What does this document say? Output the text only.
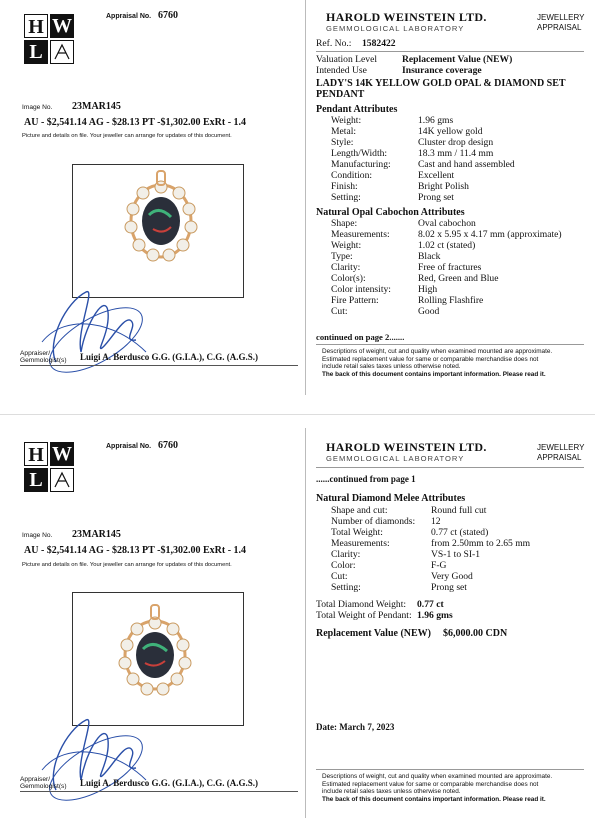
H W
L
Appraisal No. 6760
Image No. 23MAR145
AU - $2,541.14 AG - $28.13 PT -$1,302.00 ExRt - 1.4
Picture and details on file. Your jeweller can arrange for updates of this document.
Appraiser/
Gemmologist(s) Luigi A. Berdusco G.G. (G.I.A.), C.G. (A.G.S.)
HAROLD WEINSTEIN LTD.
GEMMOLOGICAL LABORATORY
JEWELLERY
APPRAISAL
Ref. No.: 1582422
Valuation Level	Replacement Value (NEW)
Intended Use	Insurance coverage
LADY'S 14K YELLOW GOLD OPAL & DIAMOND SET
PENDANT
Pendant Attributes
Weight:	1.96 gms
Metal:	14K yellow gold
Style:	Cluster drop design
Length/Width:	18.3 mm / 11.4 mm
Manufacturing:	Cast and hand assembled
Condition:	Excellent
Finish:	Bright Polish
Setting:	Prong set
Natural Opal Cabochon Attributes
Shape:	Oval cabochon
Measurements:	8.02 x 5.95 x 4.17 mm (approximate)
Weight:	1.02 ct (stated)
Type:	Black
Clarity:	Free of fractures
Color(s):	Red, Green and Blue
Color intensity:	High
Fire Pattern:	Rolling Flashfire
Cut:	Good
continued on page 2.......
Descriptions of weight, cut and quality when examined mounted are approximate.
Estimated replacement value for same or comparable merchandise does not
include retail sales taxes unless otherwise noted.
The back of this document contains important information. Please read it.
H W
L
Appraisal No. 6760
Image No. 23MAR145
AU - $2,541.14 AG - $28.13 PT -$1,302.00 ExRt - 1.4
Picture and details on file. Your jeweller can arrange for updates of this document.
Appraiser/
Gemmologist(s) Luigi A. Berdusco G.G. (G.I.A.), C.G. (A.G.S.)
HAROLD WEINSTEIN LTD.
GEMMOLOGICAL LABORATORY
JEWELLERY
APPRAISAL
......continued from page 1
Natural Diamond Melee Attributes
Shape and cut:	Round full cut
Number of diamonds: 12
Total Weight:	0.77 ct (stated)
Measurements:	from 2.50mm to 2.65 mm
Clarity:	VS-1 to SI-1
Color:	F-G
Cut:	Very Good
Setting:	Prong set
Total Diamond Weight: 0.77 ct
Total Weight of Pendant: 1.96 gms
Replacement Value (NEW) $6,000.00 CDN
Date: March 7, 2023
Descriptions of weight, cut and quality when examined mounted are approximate.
Estimated replacement value for same or comparable merchandise does not
include retail sales taxes unless otherwise noted.
The back of this document contains important information. Please read it.
